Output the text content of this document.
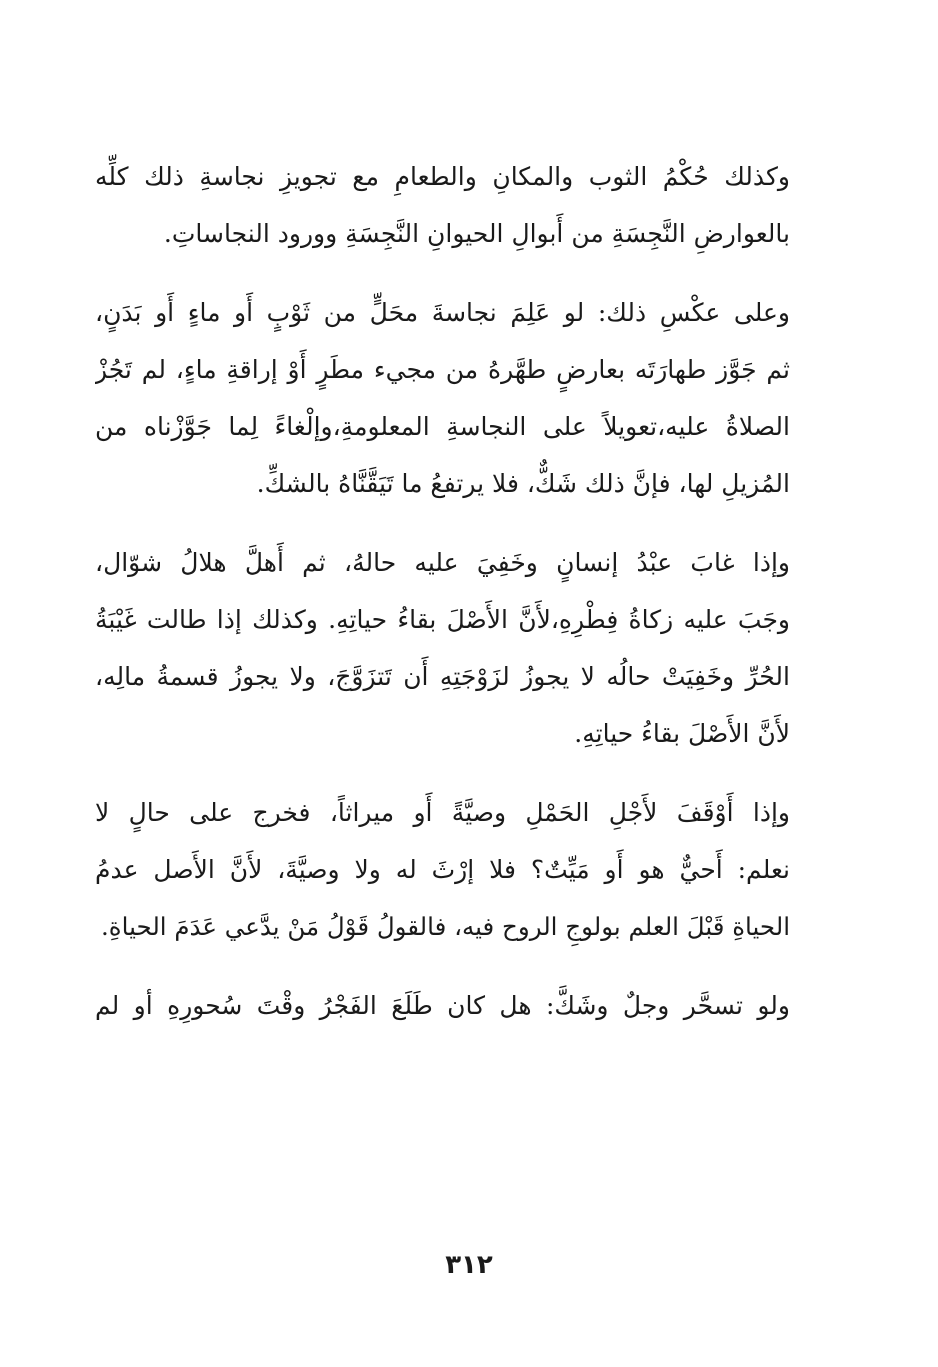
وكذلك حُكْمُ الثوب والمكانِ والطعامِ مع تجويزِ نجاسةِ ذلك كلِّه
بالعوارضِ النَّجِسَةِ من أَبوالِ الحيوانِ النَّجِسَةِ وورود النجاساتِ.

وعلى عكْسِ ذلك: لو عَلِمَ نجاسةَ محَلٍّ من ثَوْبٍ أَو ماءٍ أَو بَدَنٍ،
ثم جَوَّز طهارَتَه بعارضٍ طهَّرهُ من مجيء مطَرٍ أَوْ إراقةِ ماءٍ، لم تَجُزْ
الصلاةُ عليه،تعويلاً على النجاسةِ المعلومةِ،وإلْغاءً لِما جَوَّزْناه من
المُزيلِ لها، فإنَّ ذلك شَكٌّ، فلا يرتفعُ ما تَيَقَّنَّاهُ بالشكِّ.

وإذا غابَ عبْدُ إنسانٍ وخَفِيَ عليه حالهُ، ثم أَهلَّ هلالُ شوّال،
وجَبَ عليه زكاةُ فِطْرِهِ،لأَنَّ الأَصْلَ بقاءُ حياتِهِ. وكذلك إذا طالت غَيْبَةُ
الحُرِّ وخَفِيَتْ حالُه لا يجوزُ لزَوْجَتِهِ أَن تَتزَوَّجَ، ولا يجوزُ قسمةُ مالِه،
لأَنَّ الأَصْلَ بقاءُ حياتِهِ.

وإذا أَوْقَفَ لأَجْلِ الحَمْلِ وصيَّةً أَو ميراثاً، فخرج على حالٍ لا
نعلم: أَحيٌّ هو أَو مَيِّتٌ؟ فلا إرْثَ له ولا وصيَّةَ، لأَنَّ الأَصل عدمُ
الحياةِ قَبْلَ العلم بولوجِ الروح فيه، فالقولُ قَوْلُ مَنْ يدَّعي عَدَمَ الحياةِ.

ولو تسحَّر وجلٌ وشَكَّ: هل كان طَلَعَ الفَجْرُ وقْتَ سُحورِهِ أو لم

٣١٢
